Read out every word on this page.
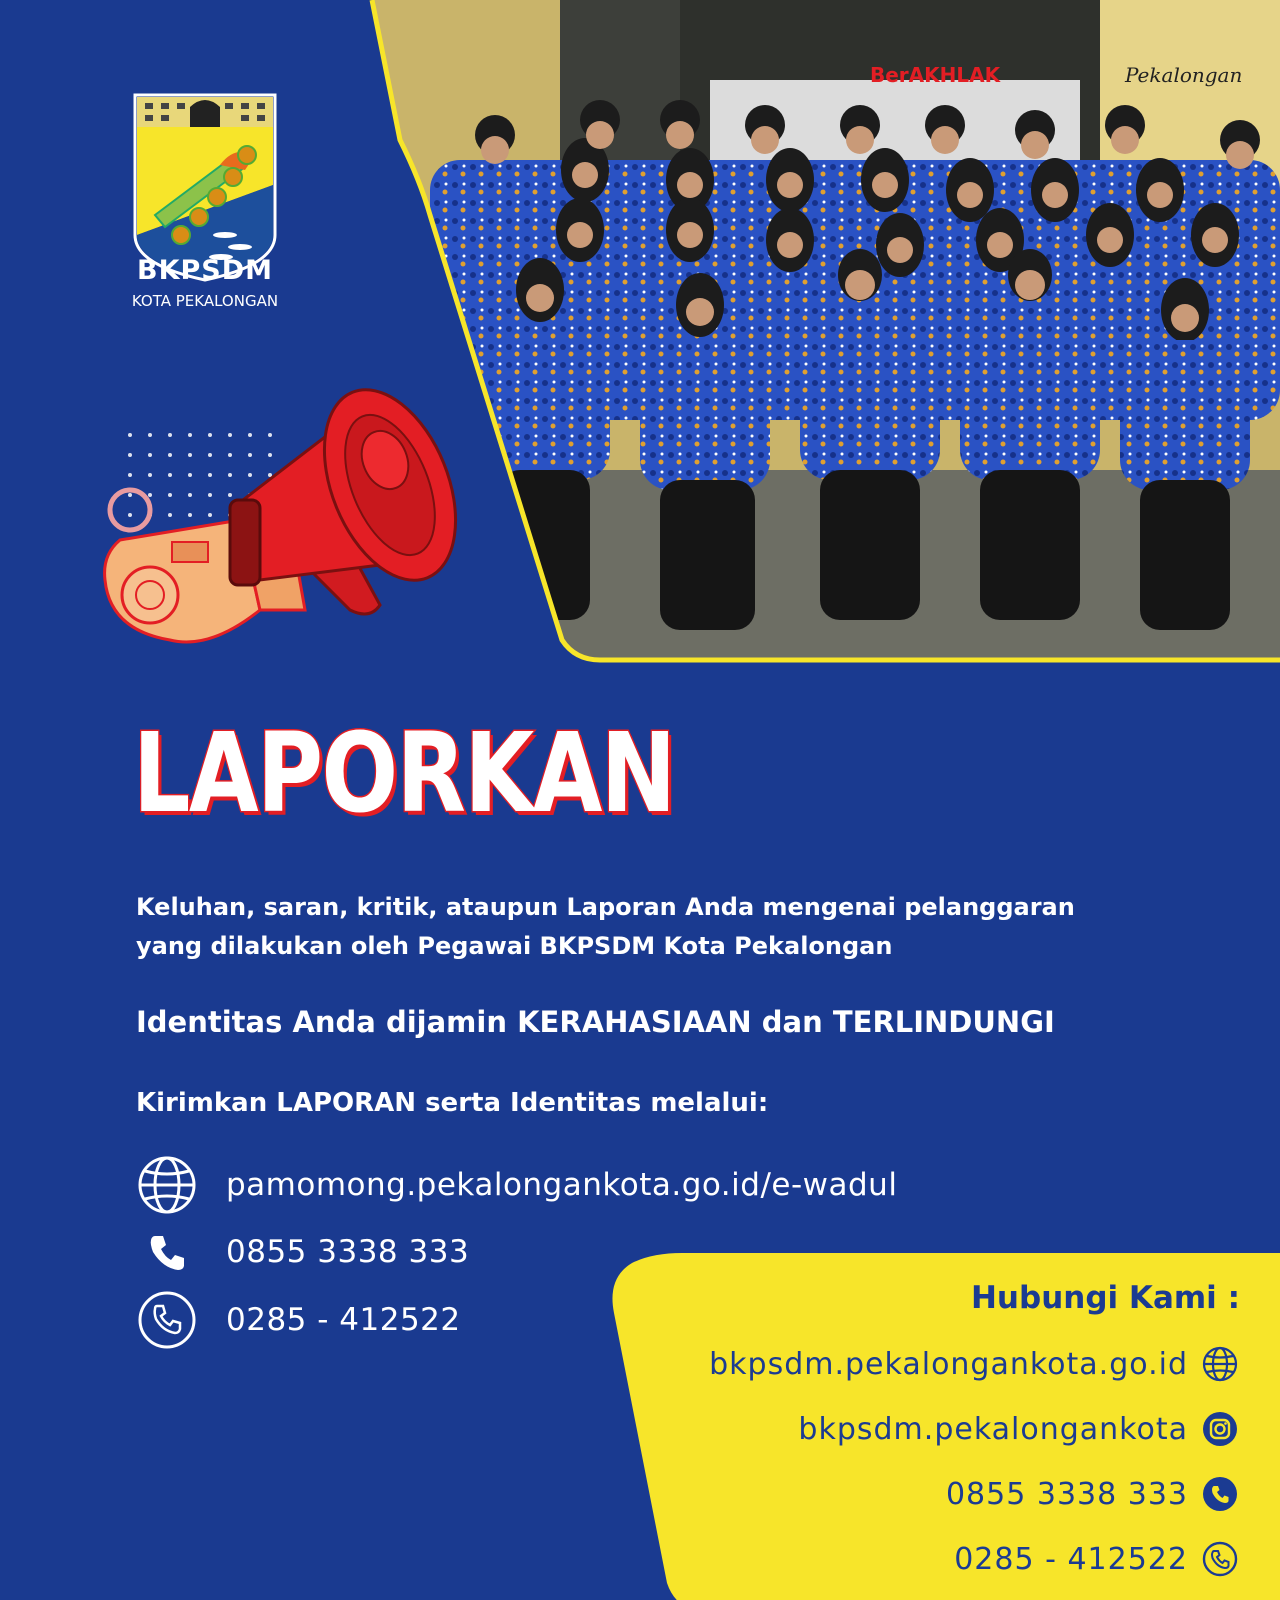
BerAKHLAK	Pekalongan
BKPSDM
KOTA PEKALONGAN
LAPORKAN
Keluhan, saran, kritik, ataupun Laporan Anda mengenai pelanggaran
yang dilakukan oleh Pegawai BKPSDM Kota Pekalongan
Identitas Anda dijamin KERAHASIAAN dan TERLINDUNGI
Kirimkan LAPORAN serta Identitas melalui:
pamomong.pekalongankota.go.id/e-wadul
0855 3338 333
0285 - 412522
Hubungi Kami :
bkpsdm.pekalongankota.go.id
bkpsdm.pekalongankota
0855 3338 333
0285 - 412522
